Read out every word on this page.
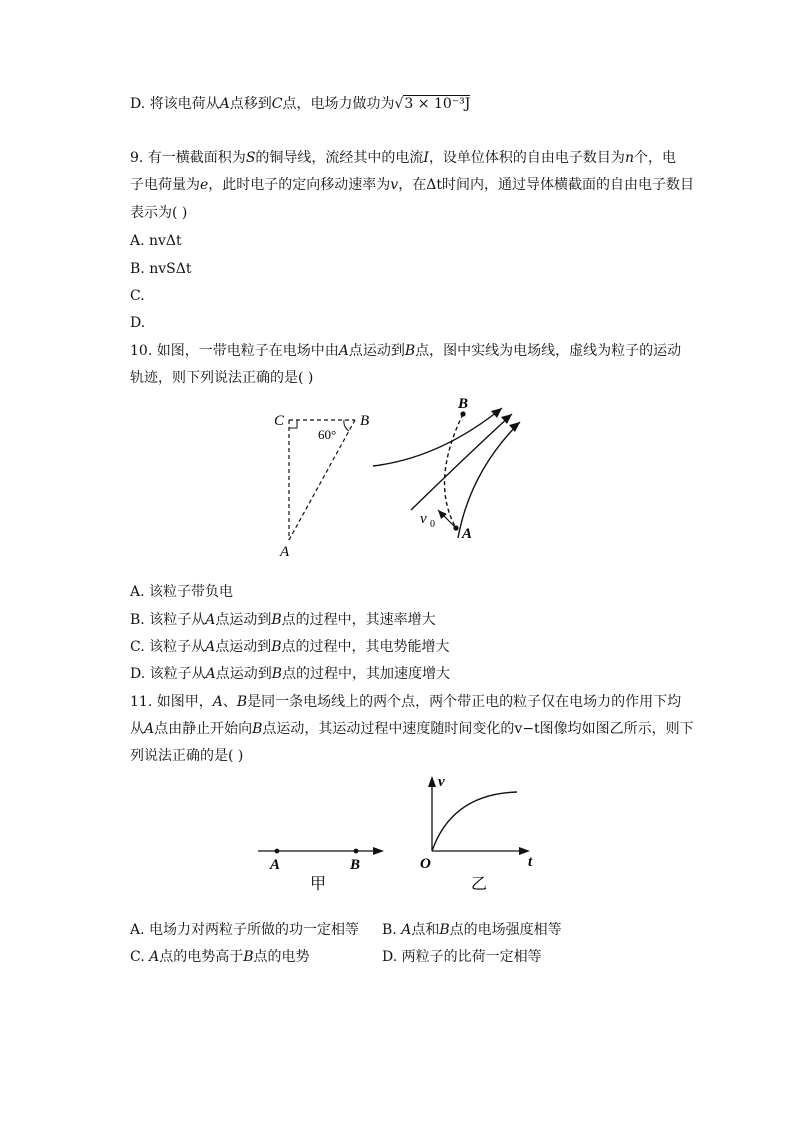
D. 将该电荷从A点移到C点，电场力做功为√3 × 10⁻³J
9. 有一横截面积为S的铜导线，流经其中的电流I，设单位体积的自由电子数目为n个，电
子电荷量为e，此时电子的定向移动速率为v，在Δt时间内，通过导体横截面的自由电子数目
表示为( )
A. nvΔt
B. nvSΔt
C.
D.
10. 如图，一带电粒子在电场中由A点运动到B点，图中实线为电场线，虚线为粒子的运动
轨迹，则下列说法正确的是( )
C	B
A
60°
B
A
v 0
A. 该粒子带负电
B. 该粒子从A点运动到B点的过程中，其速率增大
C. 该粒子从A点运动到B点的过程中，其电势能增大
D. 该粒子从A点运动到B点的过程中，其加速度增大
11. 如图甲，A、B是同一条电场线上的两个点，两个带正电的粒子仅在电场力的作用下均
从A点由静止开始向B点运动，其运动过程中速度随时间变化的v−t图像均如图乙所示，则下
列说法正确的是( )
A	B
甲
v
t
O
乙
A. 电场力对两粒子所做的功一定相等 B. A点和B点的电场强度相等
C. A点的电势高于B点的电势	D. 两粒子的比荷一定相等
